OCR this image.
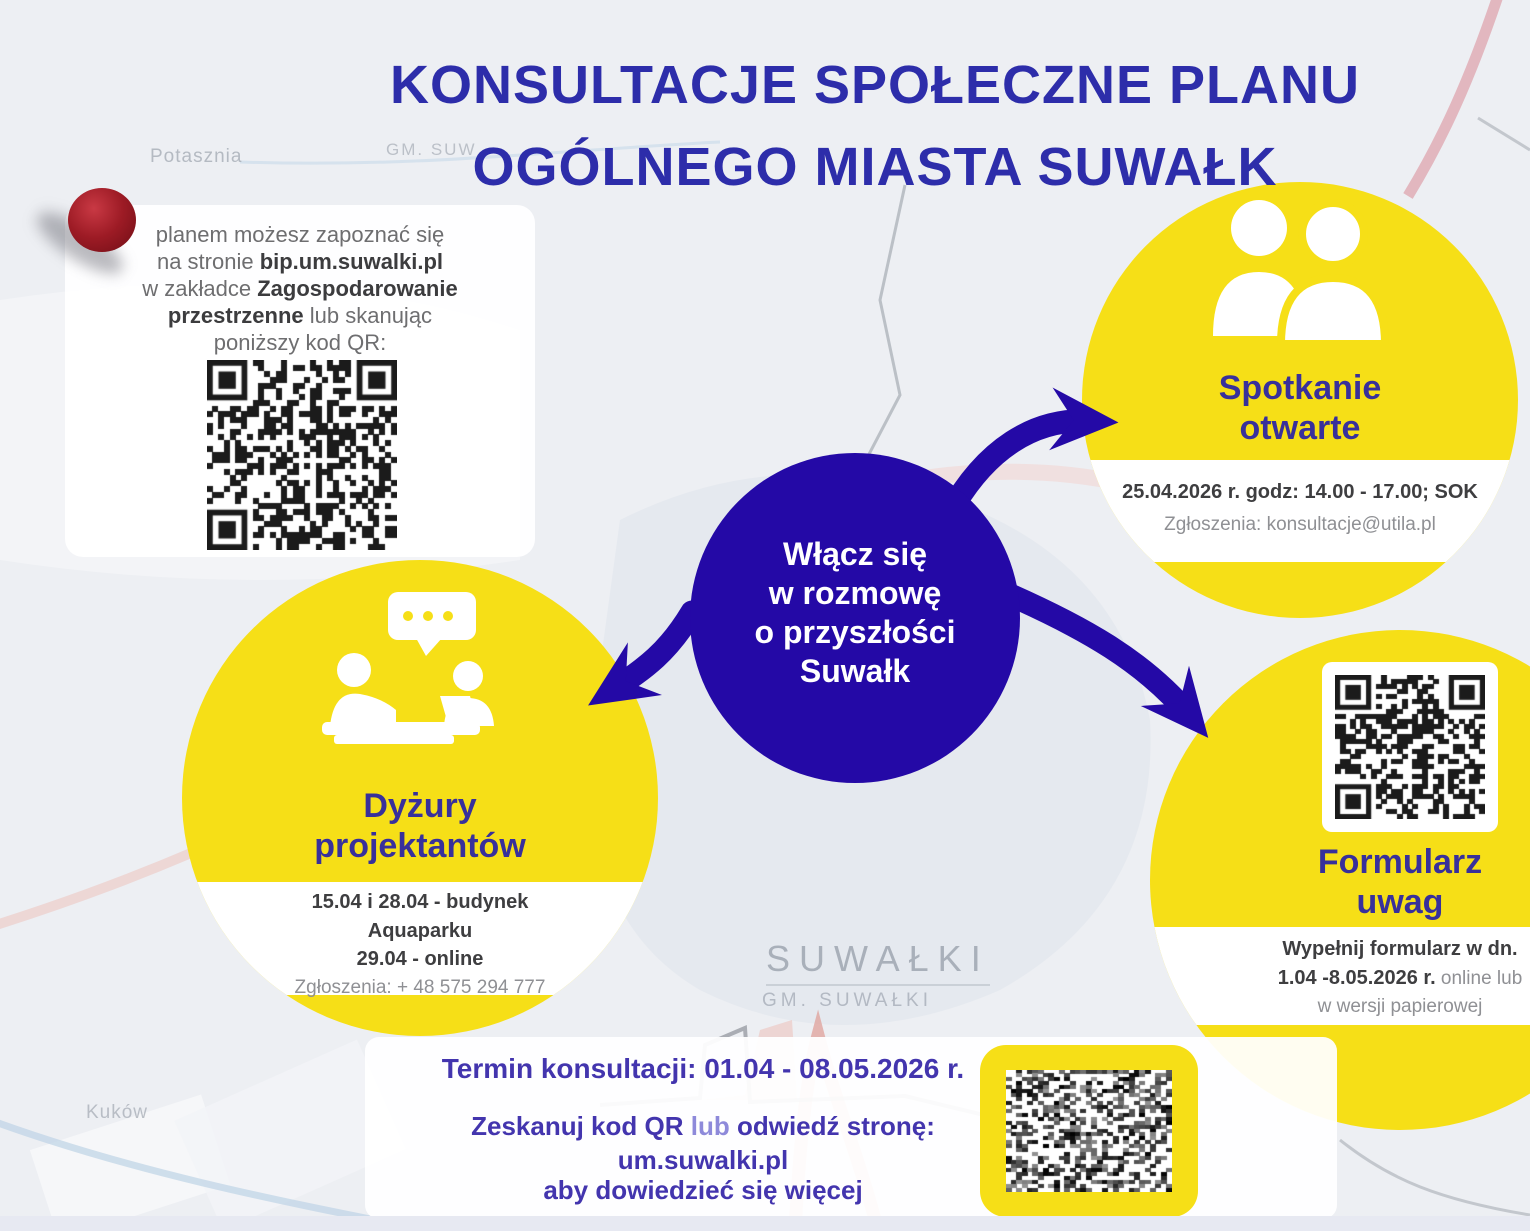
Potasznia	GM. SUW
SUWAŁKI
GM. SUWAŁKI
Kuków
KONSULTACJE SPOŁECZNE PLANU
OGÓLNEGO MIASTA SUWAŁK
planem możesz zapoznać się
na stronie bip.um.suwalki.pl
w zakładce Zagospodarowanie
przestrzenne lub skanując
poniższy kod QR:
Spotkanie
otwarte
25.04.2026 r. godz: 14.00 - 17.00; SOK
Zgłoszenia: konsultacje@utila.pl
Dyżury
projektantów
15.04 i 28.04 - budynek
Aquaparku
29.04 - online
Zgłoszenia: + 48 575 294 777
Formularz
uwag
Wypełnij formularz w dn.
1.04 -8.05.2026 r. online lub
w wersji papierowej
Włącz się
w rozmowę
o przyszłości
Suwałk
Termin konsultacji: 01.04 - 08.05.2026 r.
Zeskanuj kod QR lub odwiedź stronę:
um.suwalki.pl
aby dowiedzieć się więcej
